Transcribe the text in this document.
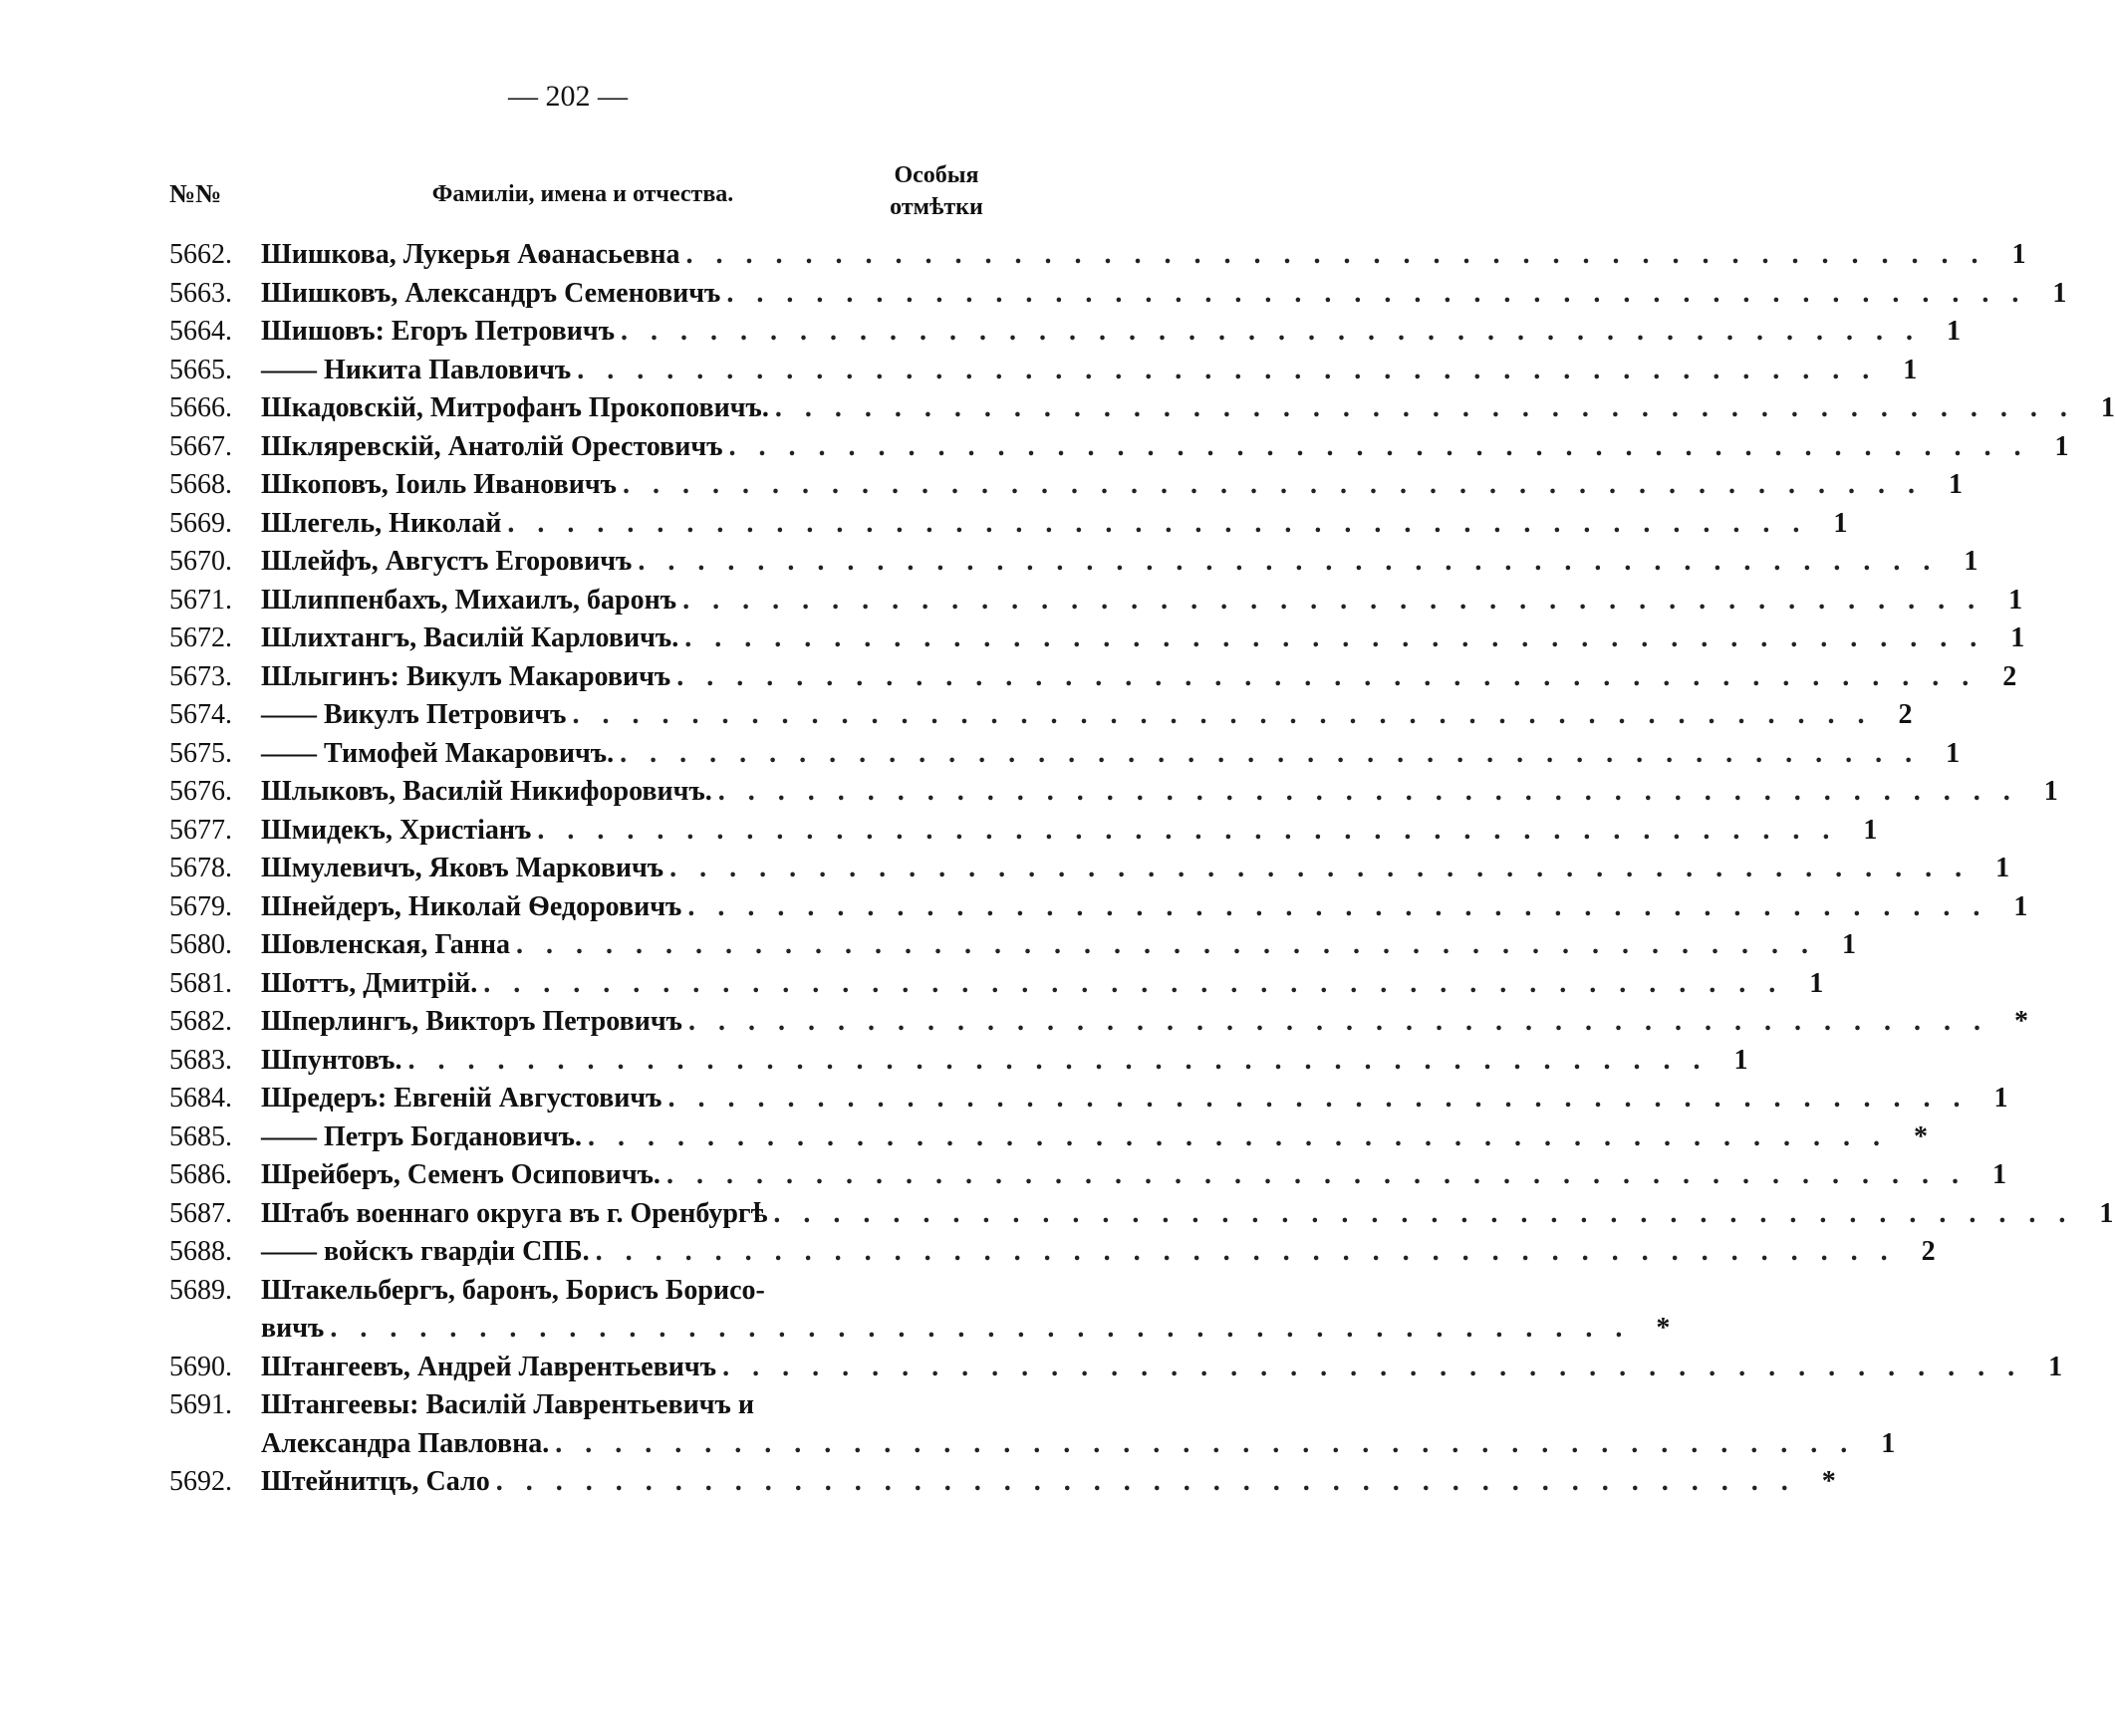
— 202 —
№№	Фамиліи, имена и отчества.
Особыя
отмѣтки
5662.	Шишкова, Лукерья Аѳанасьевна . . . . . . . . . . . . . . . . . . . . . . . . . . . . . . . . . . . . . . . . . . . . 1
5663.	Шишковъ, Александръ Семеновичъ . . . . . . . . . . . . . . . . . . . . . . . . . . . . . . . . . . . . . . . . . . . . 1
5664.	Шишовъ: Егоръ Петровичъ . . . . . . . . . . . . . . . . . . . . . . . . . . . . . . . . . . . . . . . . . . . . 1
5665.	—— Никита Павловичъ . . . . . . . . . . . . . . . . . . . . . . . . . . . . . . . . . . . . . . . . . . . . 1
5666.	Шкадовскій, Митрофанъ Прокоповичъ. . . . . . . . . . . . . . . . . . . . . . . . . . . . . . . . . . . . . . . . . . . . . 1
5667.	Шкляревскій, Анатолій Орестовичъ . . . . . . . . . . . . . . . . . . . . . . . . . . . . . . . . . . . . . . . . . . . . 1
5668.	Шкоповъ, Іоиль Ивановичъ . . . . . . . . . . . . . . . . . . . . . . . . . . . . . . . . . . . . . . . . . . . . 1
5669.	Шлегель, Николай . . . . . . . . . . . . . . . . . . . . . . . . . . . . . . . . . . . . . . . . . . . . 1
5670.	Шлейфъ, Августъ Егоровичъ . . . . . . . . . . . . . . . . . . . . . . . . . . . . . . . . . . . . . . . . . . . . 1
5671.	Шлиппенбахъ, Михаилъ, баронъ . . . . . . . . . . . . . . . . . . . . . . . . . . . . . . . . . . . . . . . . . . . . 1
5672.	Шлихтангъ, Василій Карловичъ. . . . . . . . . . . . . . . . . . . . . . . . . . . . . . . . . . . . . . . . . . . . . 1
5673.	Шлыгинъ: Викулъ Макаровичъ . . . . . . . . . . . . . . . . . . . . . . . . . . . . . . . . . . . . . . . . . . . . 2
5674.	—— Викулъ Петровичъ . . . . . . . . . . . . . . . . . . . . . . . . . . . . . . . . . . . . . . . . . . . . 2
5675.	—— Тимофей Макаровичъ. . . . . . . . . . . . . . . . . . . . . . . . . . . . . . . . . . . . . . . . . . . . . 1
5676.	Шлыковъ, Василій Никифоровичъ. . . . . . . . . . . . . . . . . . . . . . . . . . . . . . . . . . . . . . . . . . . . . 1
5677.	Шмидекъ, Христіанъ . . . . . . . . . . . . . . . . . . . . . . . . . . . . . . . . . . . . . . . . . . . . 1
5678.	Шмулевичъ, Яковъ Марковичъ . . . . . . . . . . . . . . . . . . . . . . . . . . . . . . . . . . . . . . . . . . . . 1
5679.	Шнейдеръ, Николай Ѳедоровичъ . . . . . . . . . . . . . . . . . . . . . . . . . . . . . . . . . . . . . . . . . . . . 1
5680.	Шовленская, Ганна . . . . . . . . . . . . . . . . . . . . . . . . . . . . . . . . . . . . . . . . . . . . 1
5681.	Шоттъ, Дмитрій. . . . . . . . . . . . . . . . . . . . . . . . . . . . . . . . . . . . . . . . . . . . . 1
5682.	Шперлингъ, Викторъ Петровичъ . . . . . . . . . . . . . . . . . . . . . . . . . . . . . . . . . . . . . . . . . . . . *
5683.	Шпунтовъ. . . . . . . . . . . . . . . . . . . . . . . . . . . . . . . . . . . . . . . . . . . . . 1
5684.	Шредеръ: Евгеній Августовичъ . . . . . . . . . . . . . . . . . . . . . . . . . . . . . . . . . . . . . . . . . . . . 1
5685.	—— Петръ Богдановичъ. . . . . . . . . . . . . . . . . . . . . . . . . . . . . . . . . . . . . . . . . . . . . *
5686.	Шрейберъ, Семенъ Осиповичъ. . . . . . . . . . . . . . . . . . . . . . . . . . . . . . . . . . . . . . . . . . . . . 1
5687.	Штабъ военнаго округа въ г. Оренбургѣ . . . . . . . . . . . . . . . . . . . . . . . . . . . . . . . . . . . . . . . . . . . . 1
5688.	—— войскъ гвардіи СПБ. . . . . . . . . . . . . . . . . . . . . . . . . . . . . . . . . . . . . . . . . . . . . 2
5689.	Штакельбергъ, баронъ, Борисъ Борисо-
вичъ . . . . . . . . . . . . . . . . . . . . . . . . . . . . . . . . . . . . . . . . . . . . *
5690.	Штангеевъ, Андрей Лаврентьевичъ . . . . . . . . . . . . . . . . . . . . . . . . . . . . . . . . . . . . . . . . . . . . 1
5691.	Штангеевы: Василій Лаврентьевичъ и
Александра Павловна. . . . . . . . . . . . . . . . . . . . . . . . . . . . . . . . . . . . . . . . . . . . . 1
5692.	Штейнитцъ, Сало . . . . . . . . . . . . . . . . . . . . . . . . . . . . . . . . . . . . . . . . . . . . *
